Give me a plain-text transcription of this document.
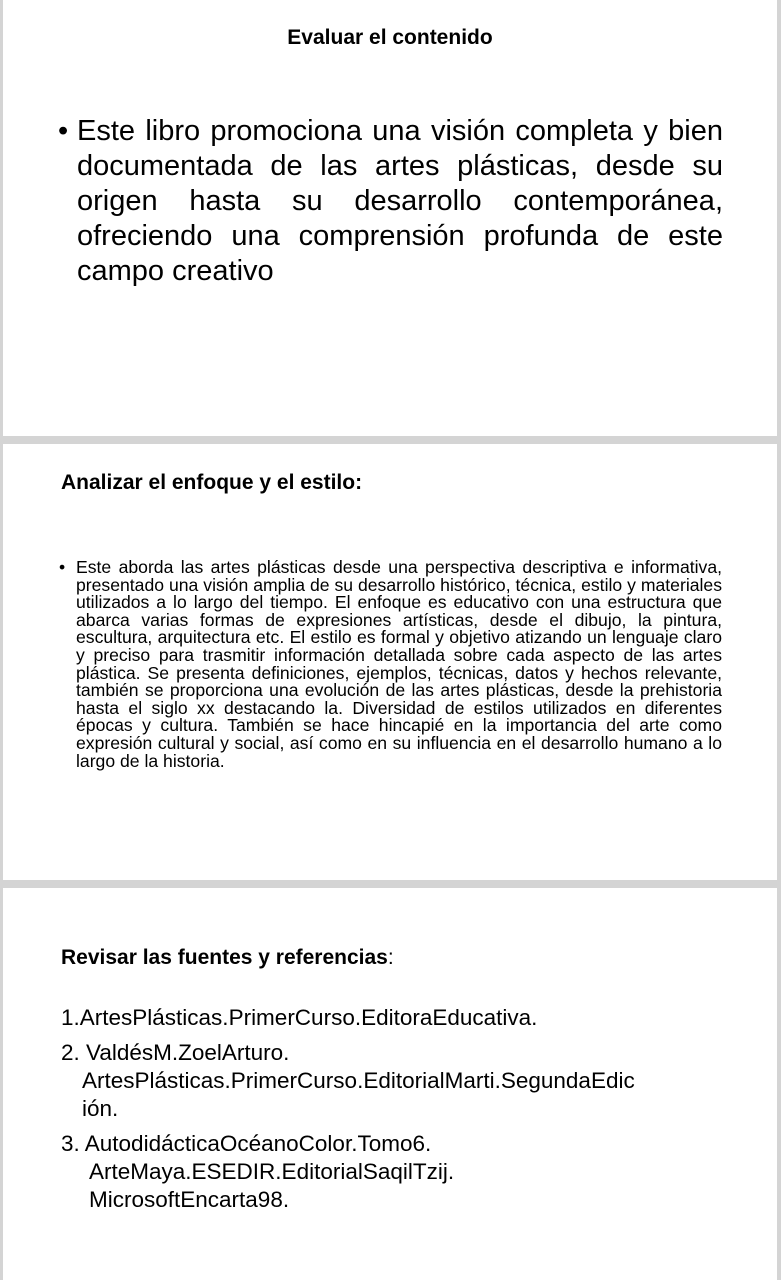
Evaluar el contenido
• Este libro promociona una visión completa y bien documentada de las artes plásticas, desde su origen hasta su desarrollo contemporánea, ofreciendo una comprensión profunda de este campo creativo
Analizar el enfoque y el estilo:
• Este aborda las artes plásticas desde una perspectiva descriptiva e informativa, presentado una visión amplia de su desarrollo histórico, técnica, estilo y materiales utilizados a lo largo del tiempo. El enfoque es educativo con una estructura que abarca varias formas de expresiones artísticas, desde el dibujo, la pintura, escultura, arquitectura etc. El estilo es formal y objetivo atizando un lenguaje claro y preciso para trasmitir información detallada sobre cada aspecto de las artes plástica. Se presenta definiciones, ejemplos, técnicas, datos y hechos relevante, también se proporciona una evolución de las artes plásticas, desde la prehistoria hasta el siglo xx destacando la. Diversidad de estilos utilizados en diferentes épocas y cultura. También se hace hincapié en la importancia del arte como expresión cultural y social, así como en su influencia en el desarrollo humano a lo largo de la historia.
Revisar las fuentes y referencias:
1.ArtesPlásticas.PrimerCurso.EditoraEducativa.
2. ValdésM.ZoelArturo.
ArtesPlásticas.PrimerCurso.EditorialMarti.SegundaEdic
ión.
3. AutodidácticaOcéanoColor.Tomo6.
ArteMaya.ESEDIR.EditorialSaqilTzij.
MicrosoftEncarta98.
